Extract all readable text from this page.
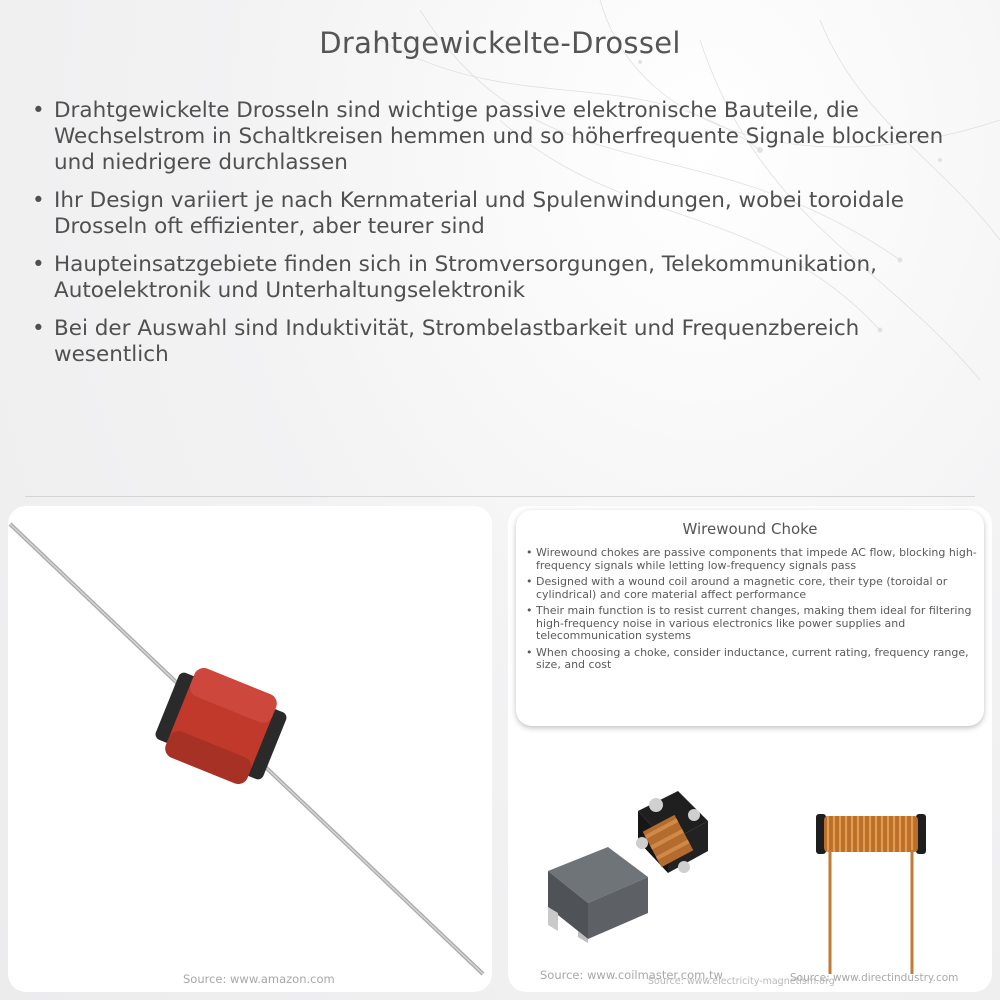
Drahtgewickelte-Drossel
• Drahtgewickelte Drosseln sind wichtige passive elektronische Bauteile, die Wechselstrom in Schaltkreisen hemmen und so höherfrequente Signale blockieren und niedrigere durchlassen
• Ihr Design variiert je nach Kernmaterial und Spulenwindungen, wobei toroidale Drosseln oft effizienter, aber teurer sind
• Haupteinsatzgebiete finden sich in Stromversorgungen, Telekommunikation, Autoelektronik und Unterhaltungselektronik
• Bei der Auswahl sind Induktivität, Strombelastbarkeit und Frequenzbereich wesentlich
Source: www.amazon.com
Wirewound Choke
• Wirewound chokes are passive components that impede AC flow, blocking high-frequency signals while letting low-frequency signals pass
• Designed with a wound coil around a magnetic core, their type (toroidal or cylindrical) and core material affect performance
• Their main function is to resist current changes, making them ideal for filtering high-frequency noise in various electronics like power supplies and telecommunication systems
• When choosing a choke, consider inductance, current rating, frequency range, size, and cost
Source: www.coilmaster.com.tw
Source: www.electricity-magnetism.org
Source: www.directindustry.com
